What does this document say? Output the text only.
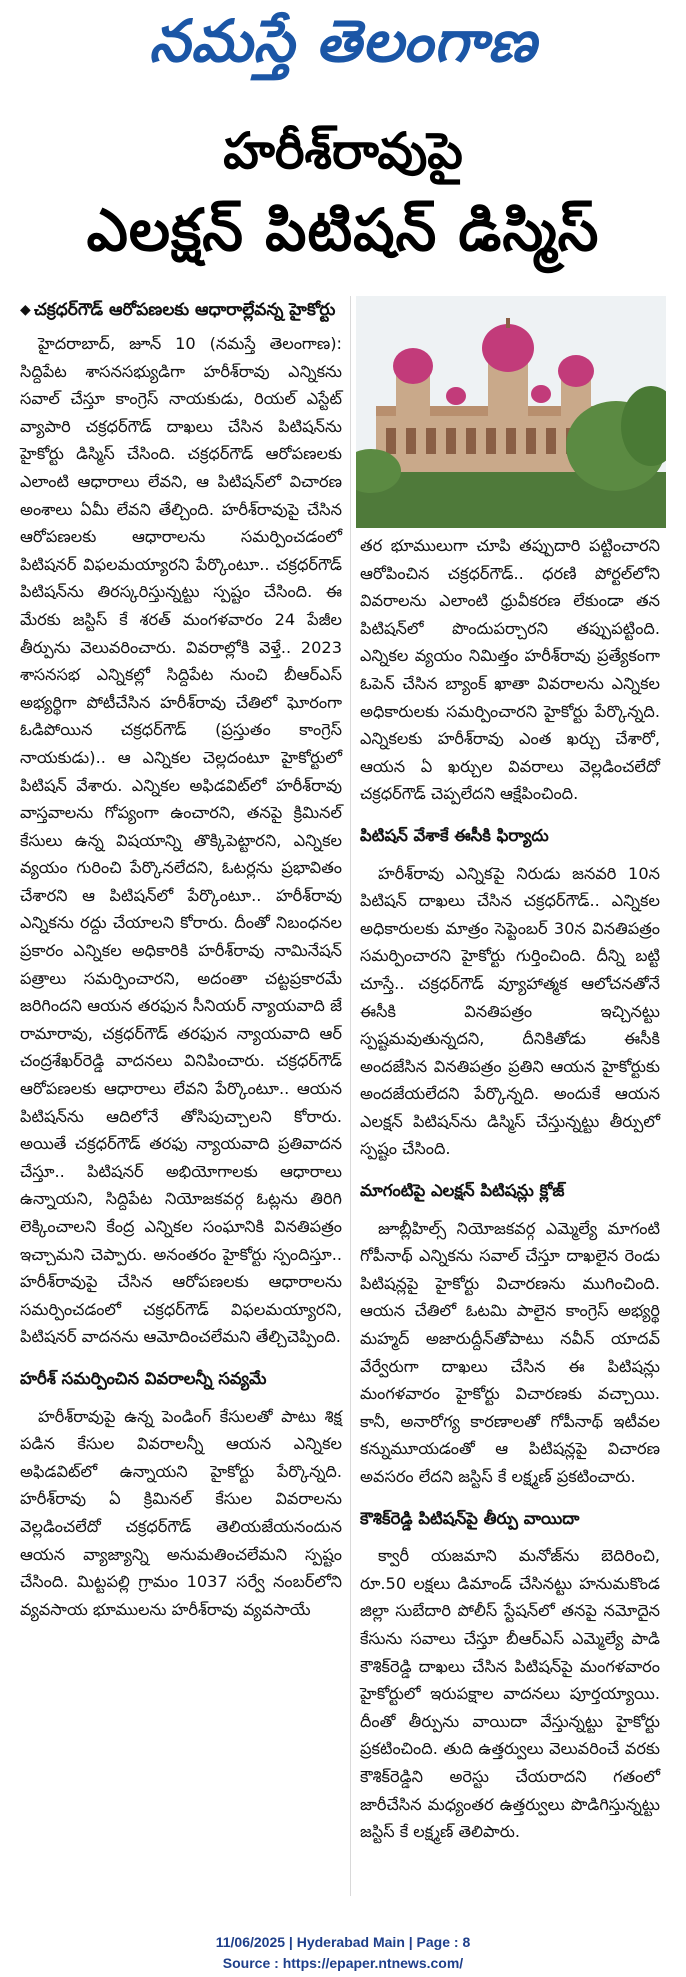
నమస్తే తెలంగాణ
హరీశ్‌రావుపై
ఎలక్షన్ పిటిషన్ డిస్మిస్
◆ చక్రధర్‌గౌడ్ ఆరోపణలకు ఆధారాల్లేవన్న హైకోర్టు

హైదరాబాద్, జూన్ 10 (నమస్తే తెలంగాణ): సిద్దిపేట శాసనసభ్యుడిగా హరీశ్‌రావు ఎన్నికను సవాల్ చేస్తూ కాంగ్రెస్ నాయకుడు, రియల్ ఎస్టేట్ వ్యాపారి చక్రధర్‌గౌడ్ దాఖలు చేసిన పిటిషన్‌ను హైకోర్టు డిస్మిస్ చేసింది. చక్రధర్‌గౌడ్ ఆరోపణలకు ఎలాంటి ఆధారాలు లేవని, ఆ పిటిషన్‌లో విచారణ అంశాలు ఏమీ లేవని తేల్చింది. హరీశ్‌రావుపై చేసిన ఆరోపణలకు ఆధారాలను సమర్పించడంలో పిటిషనర్ విఫలమయ్యారని పేర్కొంటూ.. చక్రధర్‌గౌడ్ పిటిషన్‌ను తిరస్కరిస్తున్నట్టు స్పష్టం చేసింది. ఈ మేరకు జస్టిస్ కే శరత్ మంగళవారం 24 పేజీల తీర్పును వెలువరించారు. వివరాల్లోకి వెళ్తే.. 2023 శాసనసభ ఎన్నికల్లో సిద్దిపేట నుంచి బీఆర్ఎస్ అభ్యర్థిగా పోటీచేసిన హరీశ్‌రావు చేతిలో ఘోరంగా ఓడిపోయిన చక్రధర్‌గౌడ్ (ప్రస్తుతం కాంగ్రెస్ నాయకుడు).. ఆ ఎన్నికల చెల్లదంటూ హైకోర్టులో పిటిషన్ వేశారు. ఎన్నికల అఫిడవిట్‌లో హరీశ్‌రావు వాస్తవాలను గోప్యంగా ఉంచారని, తనపై క్రిమినల్ కేసులు ఉన్న విషయాన్ని తొక్కిపెట్టారని, ఎన్నికల వ్యయం గురించి పేర్కొనలేదని, ఓటర్లను ప్రభావితం చేశారని ఆ పిటిషన్‌లో పేర్కొంటూ.. హరీశ్‌రావు ఎన్నికను రద్దు చేయాలని కోరారు. దీంతో నిబంధనల ప్రకారం ఎన్నికల అధికారికి హరీశ్‌రావు నామినేషన్ పత్రాలు సమర్పించారని, అదంతా చట్టప్రకారమే జరిగిందని ఆయన తరఫున సీనియర్ న్యాయవాది జే రామారావు, చక్రధర్‌గౌడ్ తరఫున న్యాయవాది ఆర్ చంద్రశేఖర్‌రెడ్డి వాదనలు వినిపించారు. చక్రధర్‌గౌడ్ ఆరోపణలకు ఆధారాలు లేవని పేర్కొంటూ.. ఆయన పిటిషన్‌ను ఆదిలోనే తోసిపుచ్చాలని కోరారు. అయితే చక్రధర్‌గౌడ్ తరఫు న్యాయవాది ప్రతివాదన చేస్తూ.. పిటిషనర్ అభియోగాలకు ఆధారాలు ఉన్నాయని, సిద్దిపేట నియోజకవర్గ ఓట్లను తిరిగి లెక్కించాలని కేంద్ర ఎన్నికల సంఘానికి వినతిపత్రం ఇచ్చామని చెప్పారు. అనంతరం హైకోర్టు స్పందిస్తూ.. హరీశ్‌రావుపై చేసిన ఆరోపణలకు ఆధారాలను సమర్పించడంలో చక్రధర్‌గౌడ్ విఫలమయ్యారని, పిటిషనర్ వాదనను ఆమోదించలేమని తేల్చిచెప్పింది.

హరీశ్ సమర్పించిన వివరాలన్నీ సవ్యమే

హరీశ్‌రావుపై ఉన్న పెండింగ్ కేసులతో పాటు శిక్ష పడిన కేసుల వివరాలన్నీ ఆయన ఎన్నికల అఫిడవిట్‌లో ఉన్నాయని హైకోర్టు పేర్కొన్నది. హరీశ్‌రావు ఏ క్రిమినల్ కేసుల వివరాలను వెల్లడించలేదో చక్రధర్‌గౌడ్ తెలియజేయనందున ఆయన వ్యాజ్యాన్ని అనుమతించలేమని స్పష్టం చేసింది. మిట్టపల్లి గ్రామం 1037 సర్వే నంబర్‌లోని వ్యవసాయ భూములను హరీశ్‌రావు వ్యవసాయే

తర భూములుగా చూపి తప్పుదారి పట్టించారని ఆరోపించిన చక్రధర్‌గౌడ్.. ధరణి పోర్టల్‌లోని వివరాలను ఎలాంటి ధ్రువీకరణ లేకుండా తన పిటిషన్‌లో పొందుపర్చారని తప్పుపట్టింది. ఎన్నికల వ్యయం నిమిత్తం హరీశ్‌రావు ప్రత్యేకంగా ఓపెన్ చేసిన బ్యాంక్ ఖాతా వివరాలను ఎన్నికల అధికారులకు సమర్పించారని హైకోర్టు పేర్కొన్నది. ఎన్నికలకు హరీశ్‌రావు ఎంత ఖర్చు చేశారో, ఆయన ఏ ఖర్చుల వివరాలు వెల్లడించలేదో చక్రధర్‌గౌడ్ చెప్పలేదని ఆక్షేపించింది.

పిటిషన్ వేశాకే ఈసీకి ఫిర్యాదు

హరీశ్‌రావు ఎన్నికపై నిరుడు జనవరి 10న పిటిషన్ దాఖలు చేసిన చక్రధర్‌గౌడ్.. ఎన్నికల అధికారులకు మాత్రం సెప్టెంబర్ 30న వినతిపత్రం సమర్పించారని హైకోర్టు గుర్తించింది. దీన్ని బట్టి చూస్తే.. చక్రధర్‌గౌడ్ వ్యూహాత్మక ఆలోచనతోనే ఈసీకి వినతిపత్రం ఇచ్చినట్టు స్పష్టమవుతున్నదని, దీనికితోడు ఈసీకి అందజేసిన వినతిపత్రం ప్రతిని ఆయన హైకోర్టుకు అందజేయలేదని పేర్కొన్నది. అందుకే ఆయన ఎలక్షన్ పిటిషన్‌ను డిస్మిస్ చేస్తున్నట్టు తీర్పులో స్పష్టం చేసింది.

మాగంటిపై ఎలక్షన్ పిటిషన్లు క్లోజ్

జూబ్లీహిల్స్ నియోజకవర్గ ఎమ్మెల్యే మాగంటి గోపీనాథ్ ఎన్నికను సవాల్ చేస్తూ దాఖలైన రెండు పిటిషన్లపై హైకోర్టు విచారణను ముగించింది. ఆయన చేతిలో ఓటమి పాలైన కాంగ్రెస్ అభ్యర్థి మహ్మద్ అజారుద్దీన్‌తోపాటు నవీన్ యాదవ్ వేర్వేరుగా దాఖలు చేసిన ఈ పిటిషన్లు మంగళవారం హైకోర్టు విచారణకు వచ్చాయి. కానీ, అనారోగ్య కారణాలతో గోపీనాథ్ ఇటీవల కన్నుమూయడంతో ఆ పిటిషన్లపై విచారణ అవసరం లేదని జస్టిస్ కే లక్ష్మణ్ ప్రకటించారు.

కౌశిక్‌రెడ్డి పిటిషన్‌పై తీర్పు వాయిదా

క్వారీ యజమాని మనోజ్‌ను బెదిరించి, రూ.50 లక్షలు డిమాండ్ చేసినట్టు హనుమకొండ జిల్లా సుబేదారి పోలీస్ స్టేషన్‌లో తనపై నమోదైన కేసును సవాలు చేస్తూ బీఆర్ఎస్ ఎమ్మెల్యే పాడి కౌశిక్‌రెడ్డి దాఖలు చేసిన పిటిషన్‌పై మంగళవారం హైకోర్టులో ఇరుపక్షాల వాదనలు పూర్తయ్యాయి. దీంతో తీర్పును వాయిదా వేస్తున్నట్టు హైకోర్టు ప్రకటించింది. తుది ఉత్తర్వులు వెలువరించే వరకు కౌశిక్‌రెడ్డిని అరెస్టు చేయరాదని గతంలో జారీచేసిన మధ్యంతర ఉత్తర్వులు పొడిగిస్తున్నట్టు జస్టిస్ కే లక్ష్మణ్ తెలిపారు.

11/06/2025 | Hyderabad Main | Page : 8
Source : https://epaper.ntnews.com/
